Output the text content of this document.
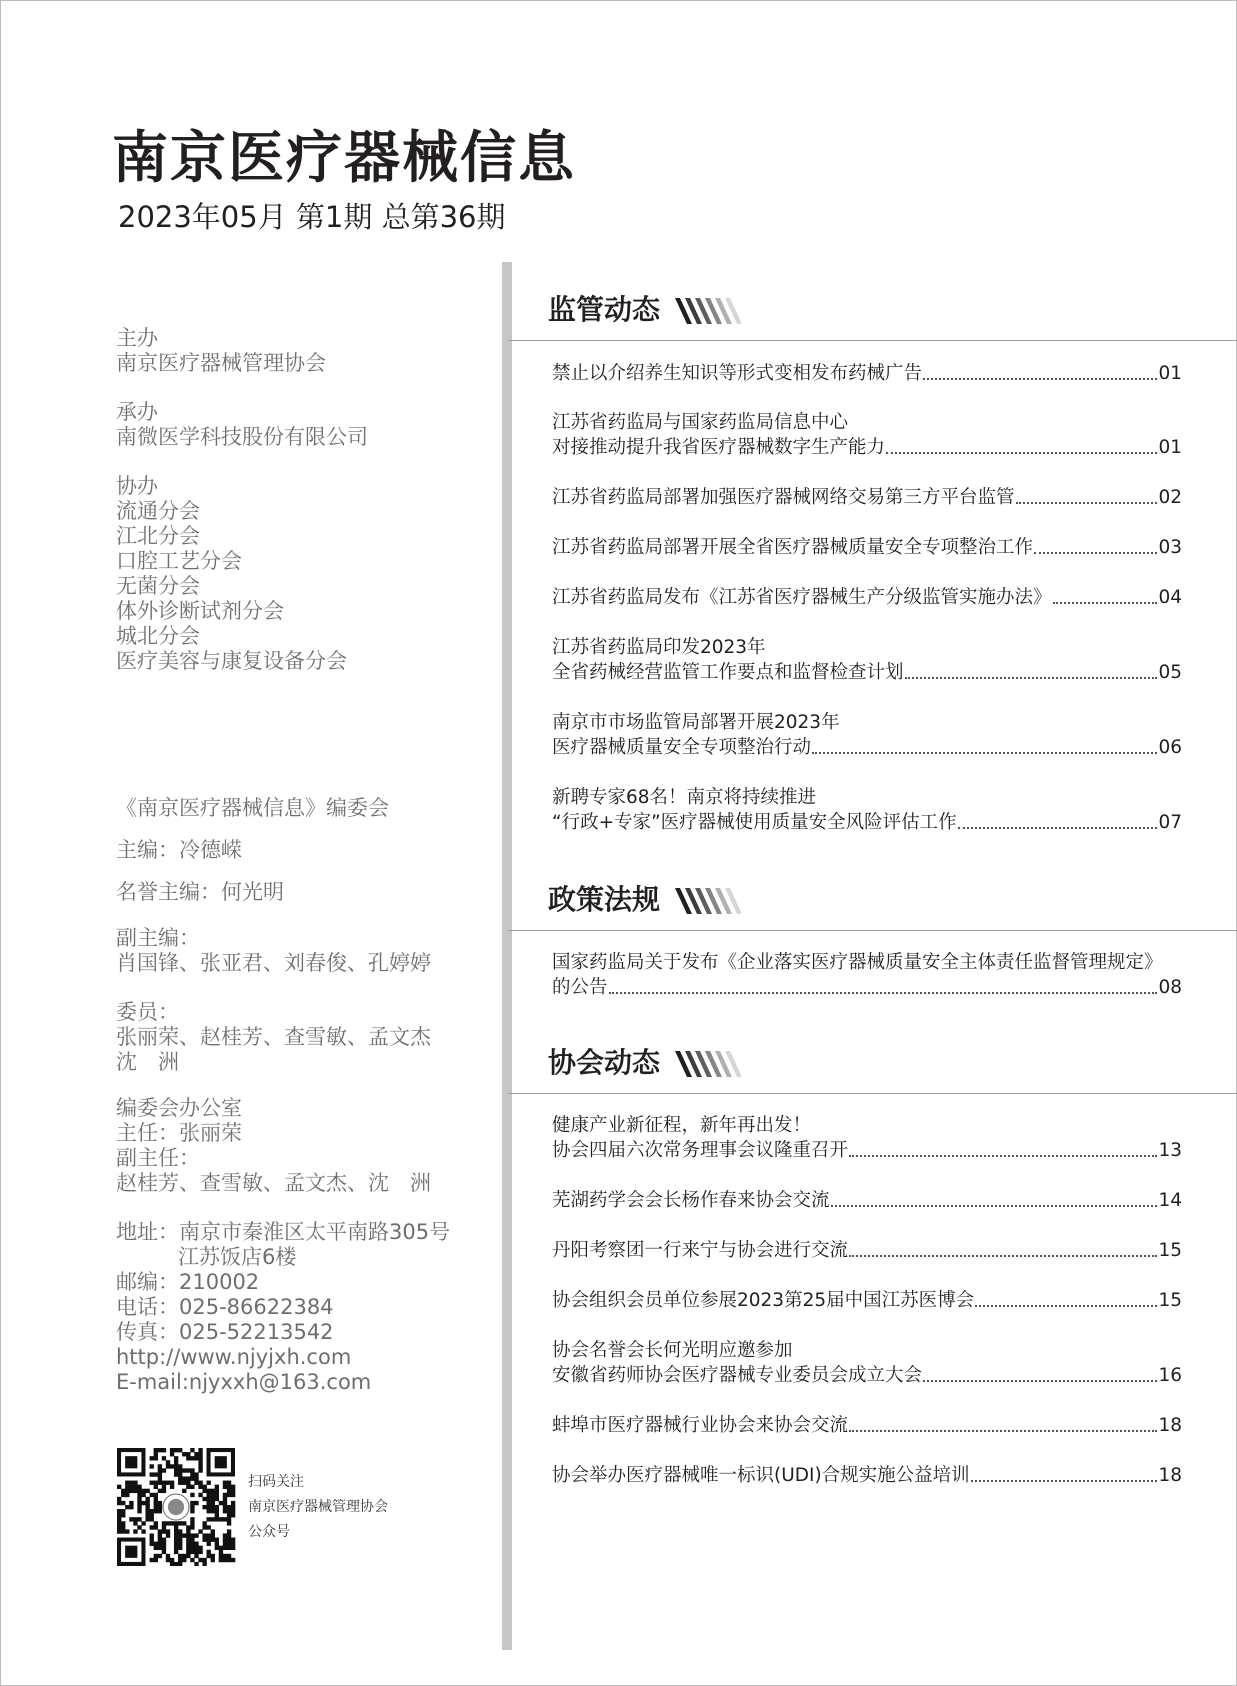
南京医疗器械信息
2023年05月 第1期 总第36期
主办
南京医疗器械管理协会
承办
南微医学科技股份有限公司
协办
流通分会
江北分会
口腔工艺分会
无菌分会
体外诊断试剂分会
城北分会
医疗美容与康复设备分会
《南京医疗器械信息》编委会
主编：冷德嵘
名誉主编：何光明
副主编：
肖国锋、张亚君、刘春俊、孔婷婷
委员：
张丽荣、赵桂芳、查雪敏、孟文杰
沈　洲
编委会办公室
主任：张丽荣
副主任：
赵桂芳、查雪敏、孟文杰、沈　洲
地址：南京市秦淮区太平南路305号
江苏饭店6楼
邮编：210002
电话：025-86622384
传真：025-52213542
http://www.njyjxh.com
E-mail:njyxxh@163.com
扫码关注
南京医疗器械管理协会
公众号
监管动态
禁止以介绍养生知识等形式变相发布药械广告	01
江苏省药监局与国家药监局信息中心
对接推动提升我省医疗器械数字生产能力	01
江苏省药监局部署加强医疗器械网络交易第三方平台监管	02
江苏省药监局部署开展全省医疗器械质量安全专项整治工作	03
江苏省药监局发布《江苏省医疗器械生产分级监管实施办法》	04
江苏省药监局印发2023年
全省药械经营监管工作要点和监督检查计划	05
南京市市场监管局部署开展2023年
医疗器械质量安全专项整治行动	06
新聘专家68名！南京将持续推进
“行政+专家”医疗器械使用质量安全风险评估工作	07
政策法规
国家药监局关于发布《企业落实医疗器械质量安全主体责任监督管理规定》
的公告	08
协会动态
健康产业新征程，新年再出发！
协会四届六次常务理事会议隆重召开	13
芜湖药学会会长杨作春来协会交流	14
丹阳考察团一行来宁与协会进行交流	15
协会组织会员单位参展2023第25届中国江苏医博会	15
协会名誉会长何光明应邀参加
安徽省药师协会医疗器械专业委员会成立大会	16
蚌埠市医疗器械行业协会来协会交流	18
协会举办医疗器械唯一标识(UDI)合规实施公益培训	18
